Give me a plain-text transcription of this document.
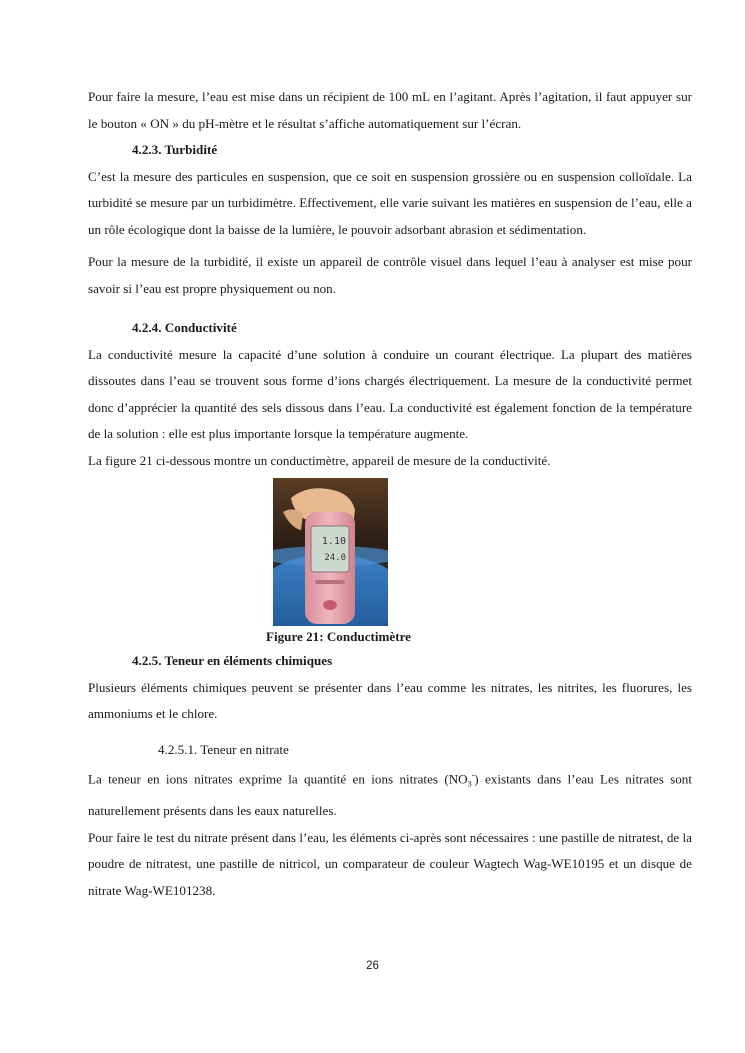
Pour faire la mesure, l’eau est mise dans un récipient de 100 mL en l’agitant. Après l’agitation, il faut appuyer sur le bouton « ON » du pH-mètre et le résultat s’affiche automatiquement sur l’écran.

4.2.3. Turbidité

C’est la mesure des particules en suspension, que ce soit en suspension grossière ou en suspension colloïdale. La turbidité se mesure par un turbidimètre. Effectivement, elle varie suivant les matières en suspension de l’eau, elle a un rôle écologique dont la baisse de la lumière, le pouvoir adsorbant abrasion et sédimentation.

Pour la mesure de la turbidité, il existe un appareil de contrôle visuel dans lequel l’eau à analyser est mise pour savoir si l’eau est propre physiquement ou non.

4.2.4. Conductivité

La conductivité mesure la capacité d’une solution à conduire un courant électrique. La plupart des matières dissoutes dans l’eau se trouvent sous forme d’ions chargés électriquement. La mesure de la conductivité permet donc d’apprécier la quantité des sels dissous dans l’eau. La conductivité est également fonction de la température de la solution : elle est plus importante lorsque la température augmente.

La figure 21 ci-dessous montre un conductimètre, appareil de mesure de la conductivité.

1.10
24.0
Figure 21: Conductimètre
4.2.5. Teneur en éléments chimiques

Plusieurs éléments chimiques peuvent se présenter dans l’eau comme les nitrates, les nitrites, les fluorures, les ammoniums et le chlore.

4.2.5.1. Teneur en nitrate

La teneur en ions nitrates exprime la quantité en ions nitrates $(NO_3^-)$ existants dans l’eau Les nitrates sont naturellement présents dans les eaux naturelles.

Pour faire le test du nitrate présent dans l’eau, les éléments ci-après sont nécessaires : une pastille de nitratest, de la poudre de nitratest, une pastille de nitricol, un comparateur de couleur Wagtech Wag-WE10195 et un disque de nitrate Wag-WE101238.

26
